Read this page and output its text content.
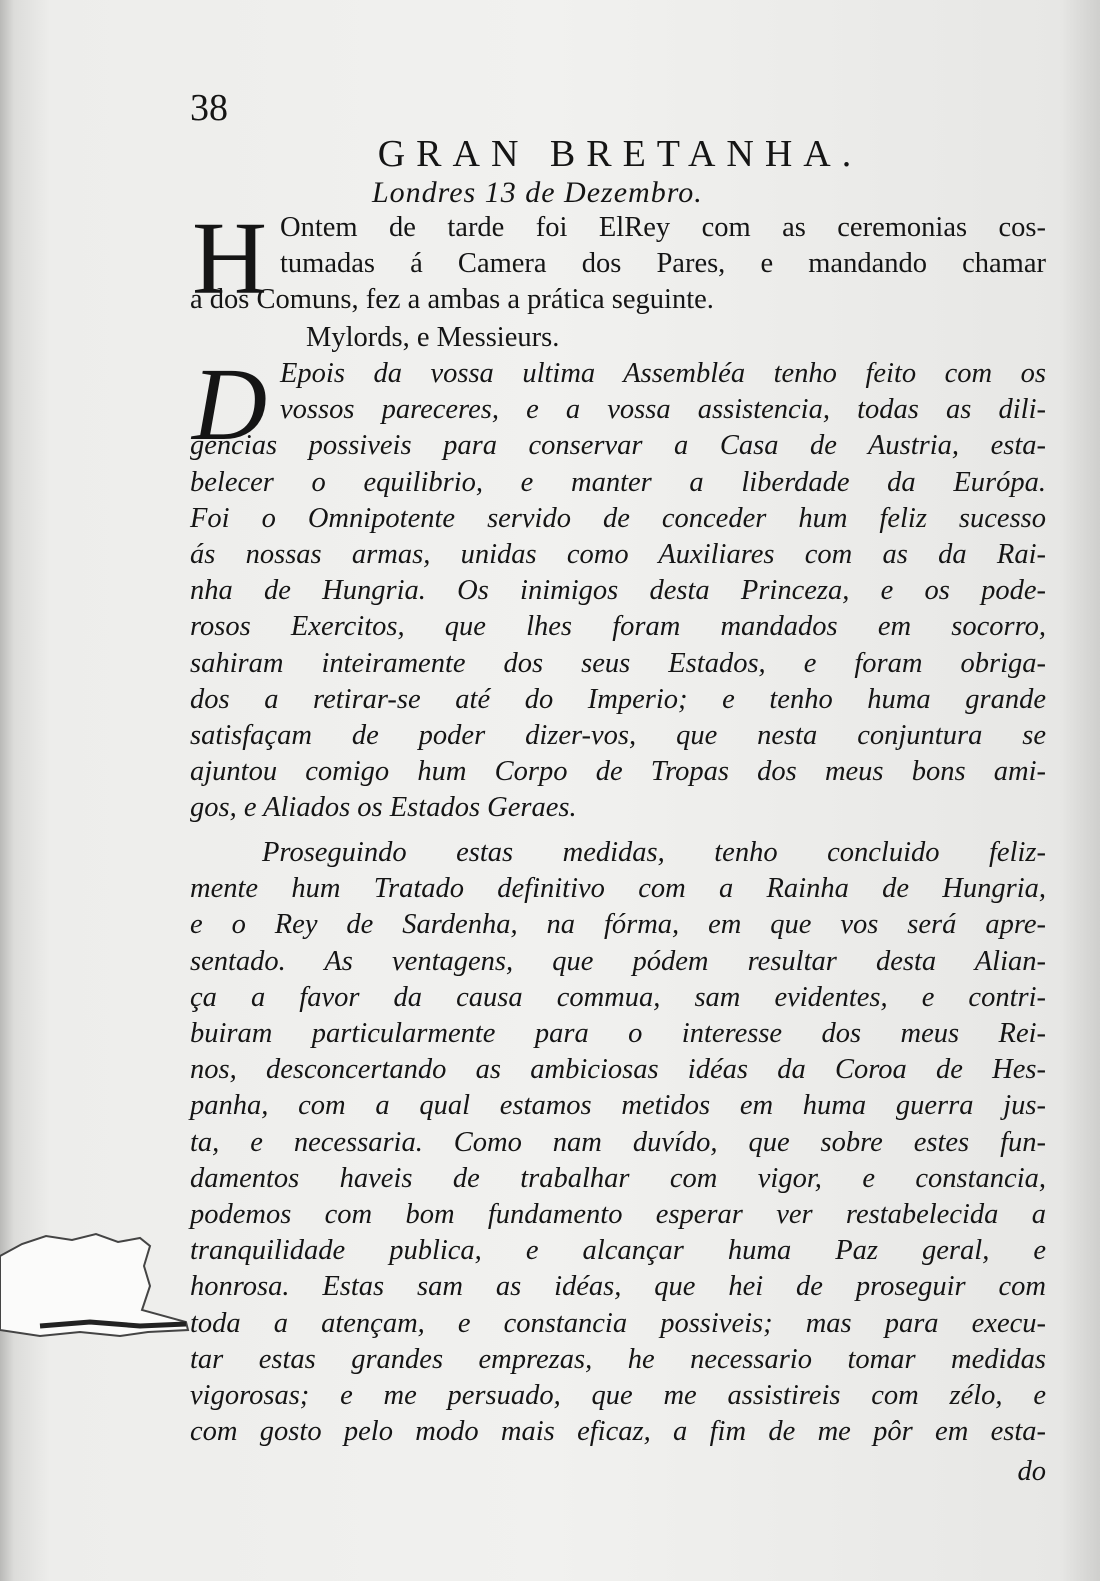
38
GRAN BRETANHA.
Londres 13 de Dezembro.
H Ontem de tarde foi ElRey com as ceremonias cos-
tumadas á Camera dos Pares, e mandando chamar
a dos Comuns, fez a ambas a prática seguinte.
Mylords, e Messieurs.
D Epois da vossa ultima Assembléa tenho feito com os
vossos pareceres, e a vossa assistencia, todas as dili-
gencias possiveis para conservar a Casa de Austria, esta-
belecer o equilibrio, e manter a liberdade da Európa.
Foi o Omnipotente servido de conceder hum feliz sucesso
ás nossas armas, unidas como Auxiliares com as da Rai-
nha de Hungria. Os inimigos desta Princeza, e os pode-
rosos Exercitos, que lhes foram mandados em socorro,
sahiram inteiramente dos seus Estados, e foram obriga-
dos a retirar-se até do Imperio; e tenho huma grande
satisfaçam de poder dizer-vos, que nesta conjuntura se
ajuntou comigo hum Corpo de Tropas dos meus bons ami-
gos, e Aliados os Estados Geraes.
Proseguindo estas medidas, tenho concluido feliz-
mente hum Tratado definitivo com a Rainha de Hungria,
e o Rey de Sardenha, na fórma, em que vos será apre-
sentado. As ventagens, que pódem resultar desta Alian-
ça a favor da causa commua, sam evidentes, e contri-
buiram particularmente para o interesse dos meus Rei-
nos, desconcertando as ambiciosas idéas da Coroa de Hes-
panha, com a qual estamos metidos em huma guerra jus-
ta, e necessaria. Como nam duvído, que sobre estes fun-
damentos haveis de trabalhar com vigor, e constancia,
podemos com bom fundamento esperar ver restabelecida a
tranquilidade publica, e alcançar huma Paz geral, e
honrosa. Estas sam as idéas, que hei de proseguir com
toda a atençam, e constancia possiveis; mas para execu-
tar estas grandes emprezas, he necessario tomar medidas
vigorosas; e me persuado, que me assistireis com zélo, e
com gosto pelo modo mais eficaz, a fim de me pôr em esta-
do
